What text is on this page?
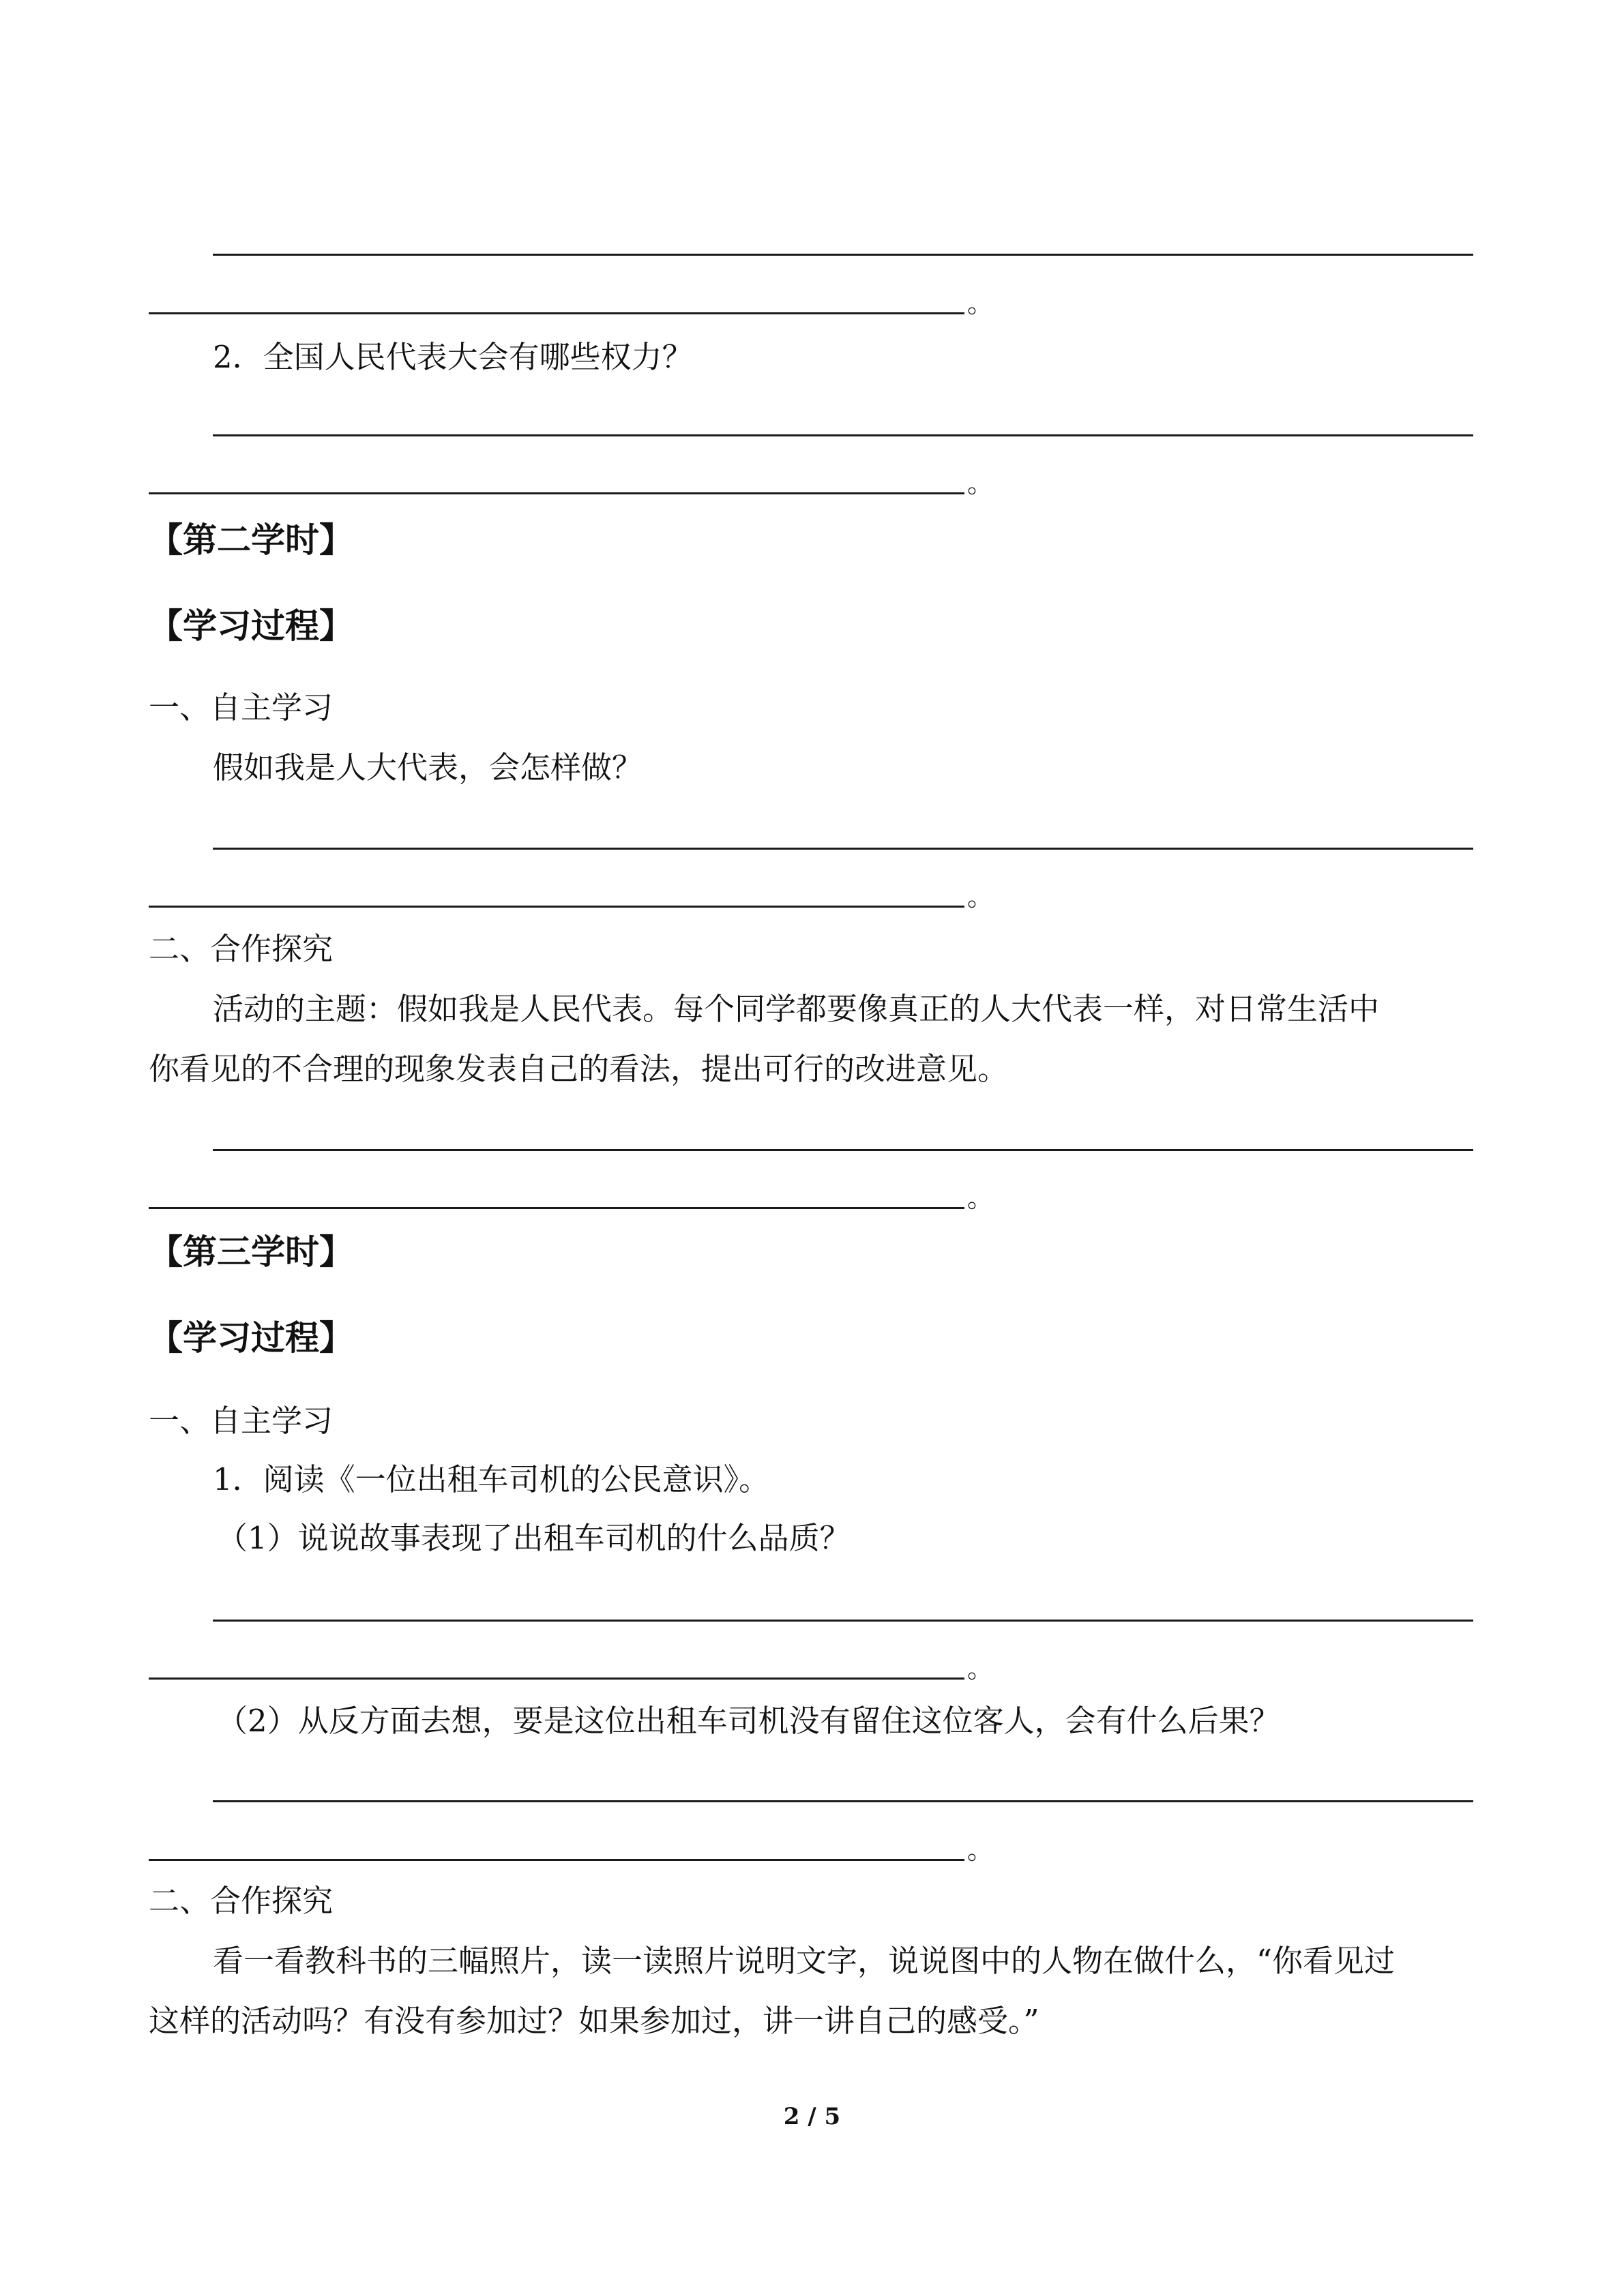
。
2．全国人民代表大会有哪些权力？
。
【第二学时】
【学习过程】
一、自主学习
假如我是人大代表，会怎样做？
。
二、合作探究
活动的主题：假如我是人民代表。每个同学都要像真正的人大代表一样，对日常生活中
你看见的不合理的现象发表自己的看法，提出可行的改进意见。
。
【第三学时】
【学习过程】
一、自主学习
1．阅读《一位出租车司机的公民意识》。
（1）说说故事表现了出租车司机的什么品质？
。
（2）从反方面去想，要是这位出租车司机没有留住这位客人，会有什么后果？
。
二、合作探究
看一看教科书的三幅照片，读一读照片说明文字，说说图中的人物在做什么，“你看见过
这样的活动吗？有没有参加过？如果参加过，讲一讲自己的感受。”
2 / 5
